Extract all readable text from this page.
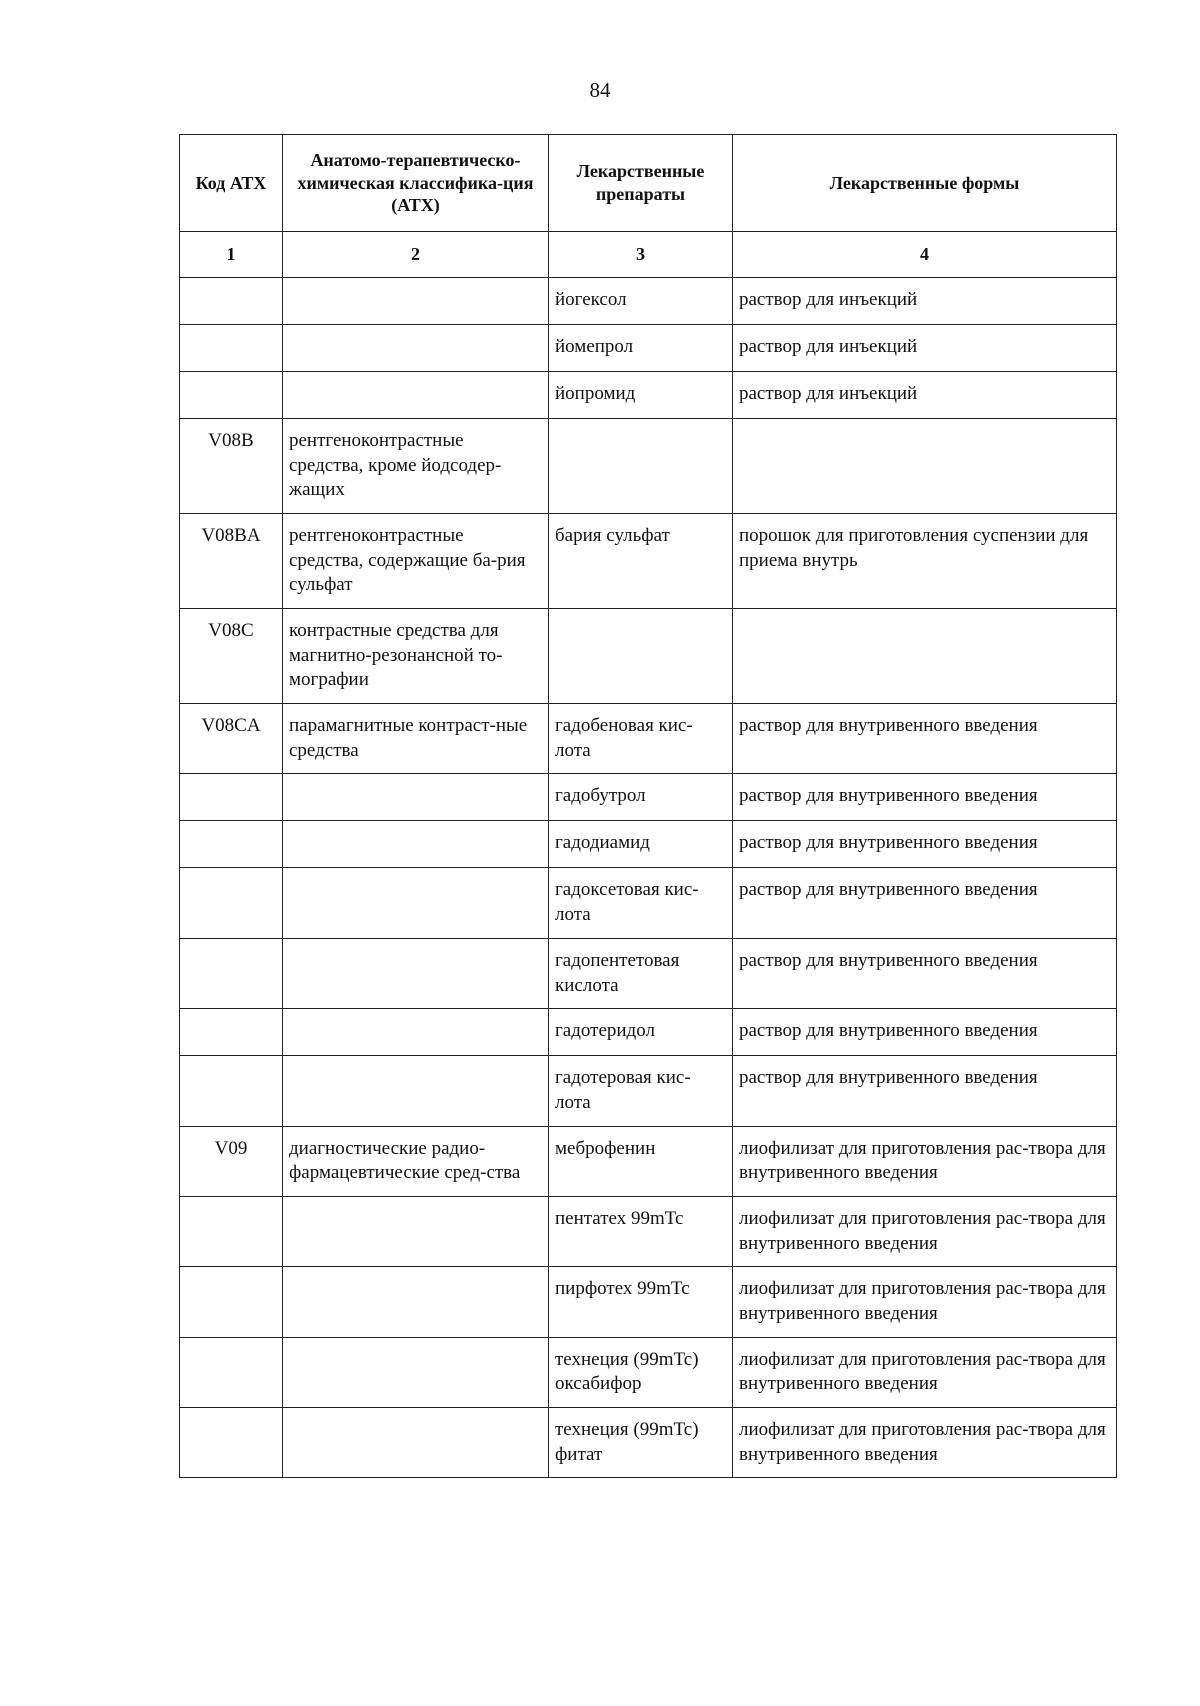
84
Код АТХ	Анатомо-терапевтическо-химическая классифика-ция (АТХ)	Лекарственные препараты	Лекарственные формы
1	2	3	4
		йогексол	раствор для инъекций
		йомепрол	раствор для инъекций
		йопромид	раствор для инъекций
V08B	рентгеноконтрастные средства, кроме йодсодер-жащих		
V08BA	рентгеноконтрастные средства, содержащие ба-рия сульфат	бария сульфат	порошок для приготовления суспензии для приема внутрь
V08C	контрастные средства для магнитно-резонансной то-мографии		
V08CA	парамагнитные контраст-ные средства	гадобеновая кис-лота	раствор для внутривенного введения
		гадобутрол	раствор для внутривенного введения
		гадодиамид	раствор для внутривенного введения
		гадоксетовая кис-лота	раствор для внутривенного введения
		гадопентетовая кислота	раствор для внутривенного введения
		гадотеридол	раствор для внутривенного введения
		гадотеровая кис-лота	раствор для внутривенного введения
V09	диагностические радио-фармацевтические сред-ства	меброфенин	лиофилизат для приготовления рас-твора для внутривенного введения
		пентатех 99mTc	лиофилизат для приготовления рас-твора для внутривенного введения
		пирфотех 99mTc	лиофилизат для приготовления рас-твора для внутривенного введения
		технеция (99mTc) оксабифор	лиофилизат для приготовления рас-твора для внутривенного введения
		технеция (99mTc) фитат	лиофилизат для приготовления рас-твора для внутривенного введения
